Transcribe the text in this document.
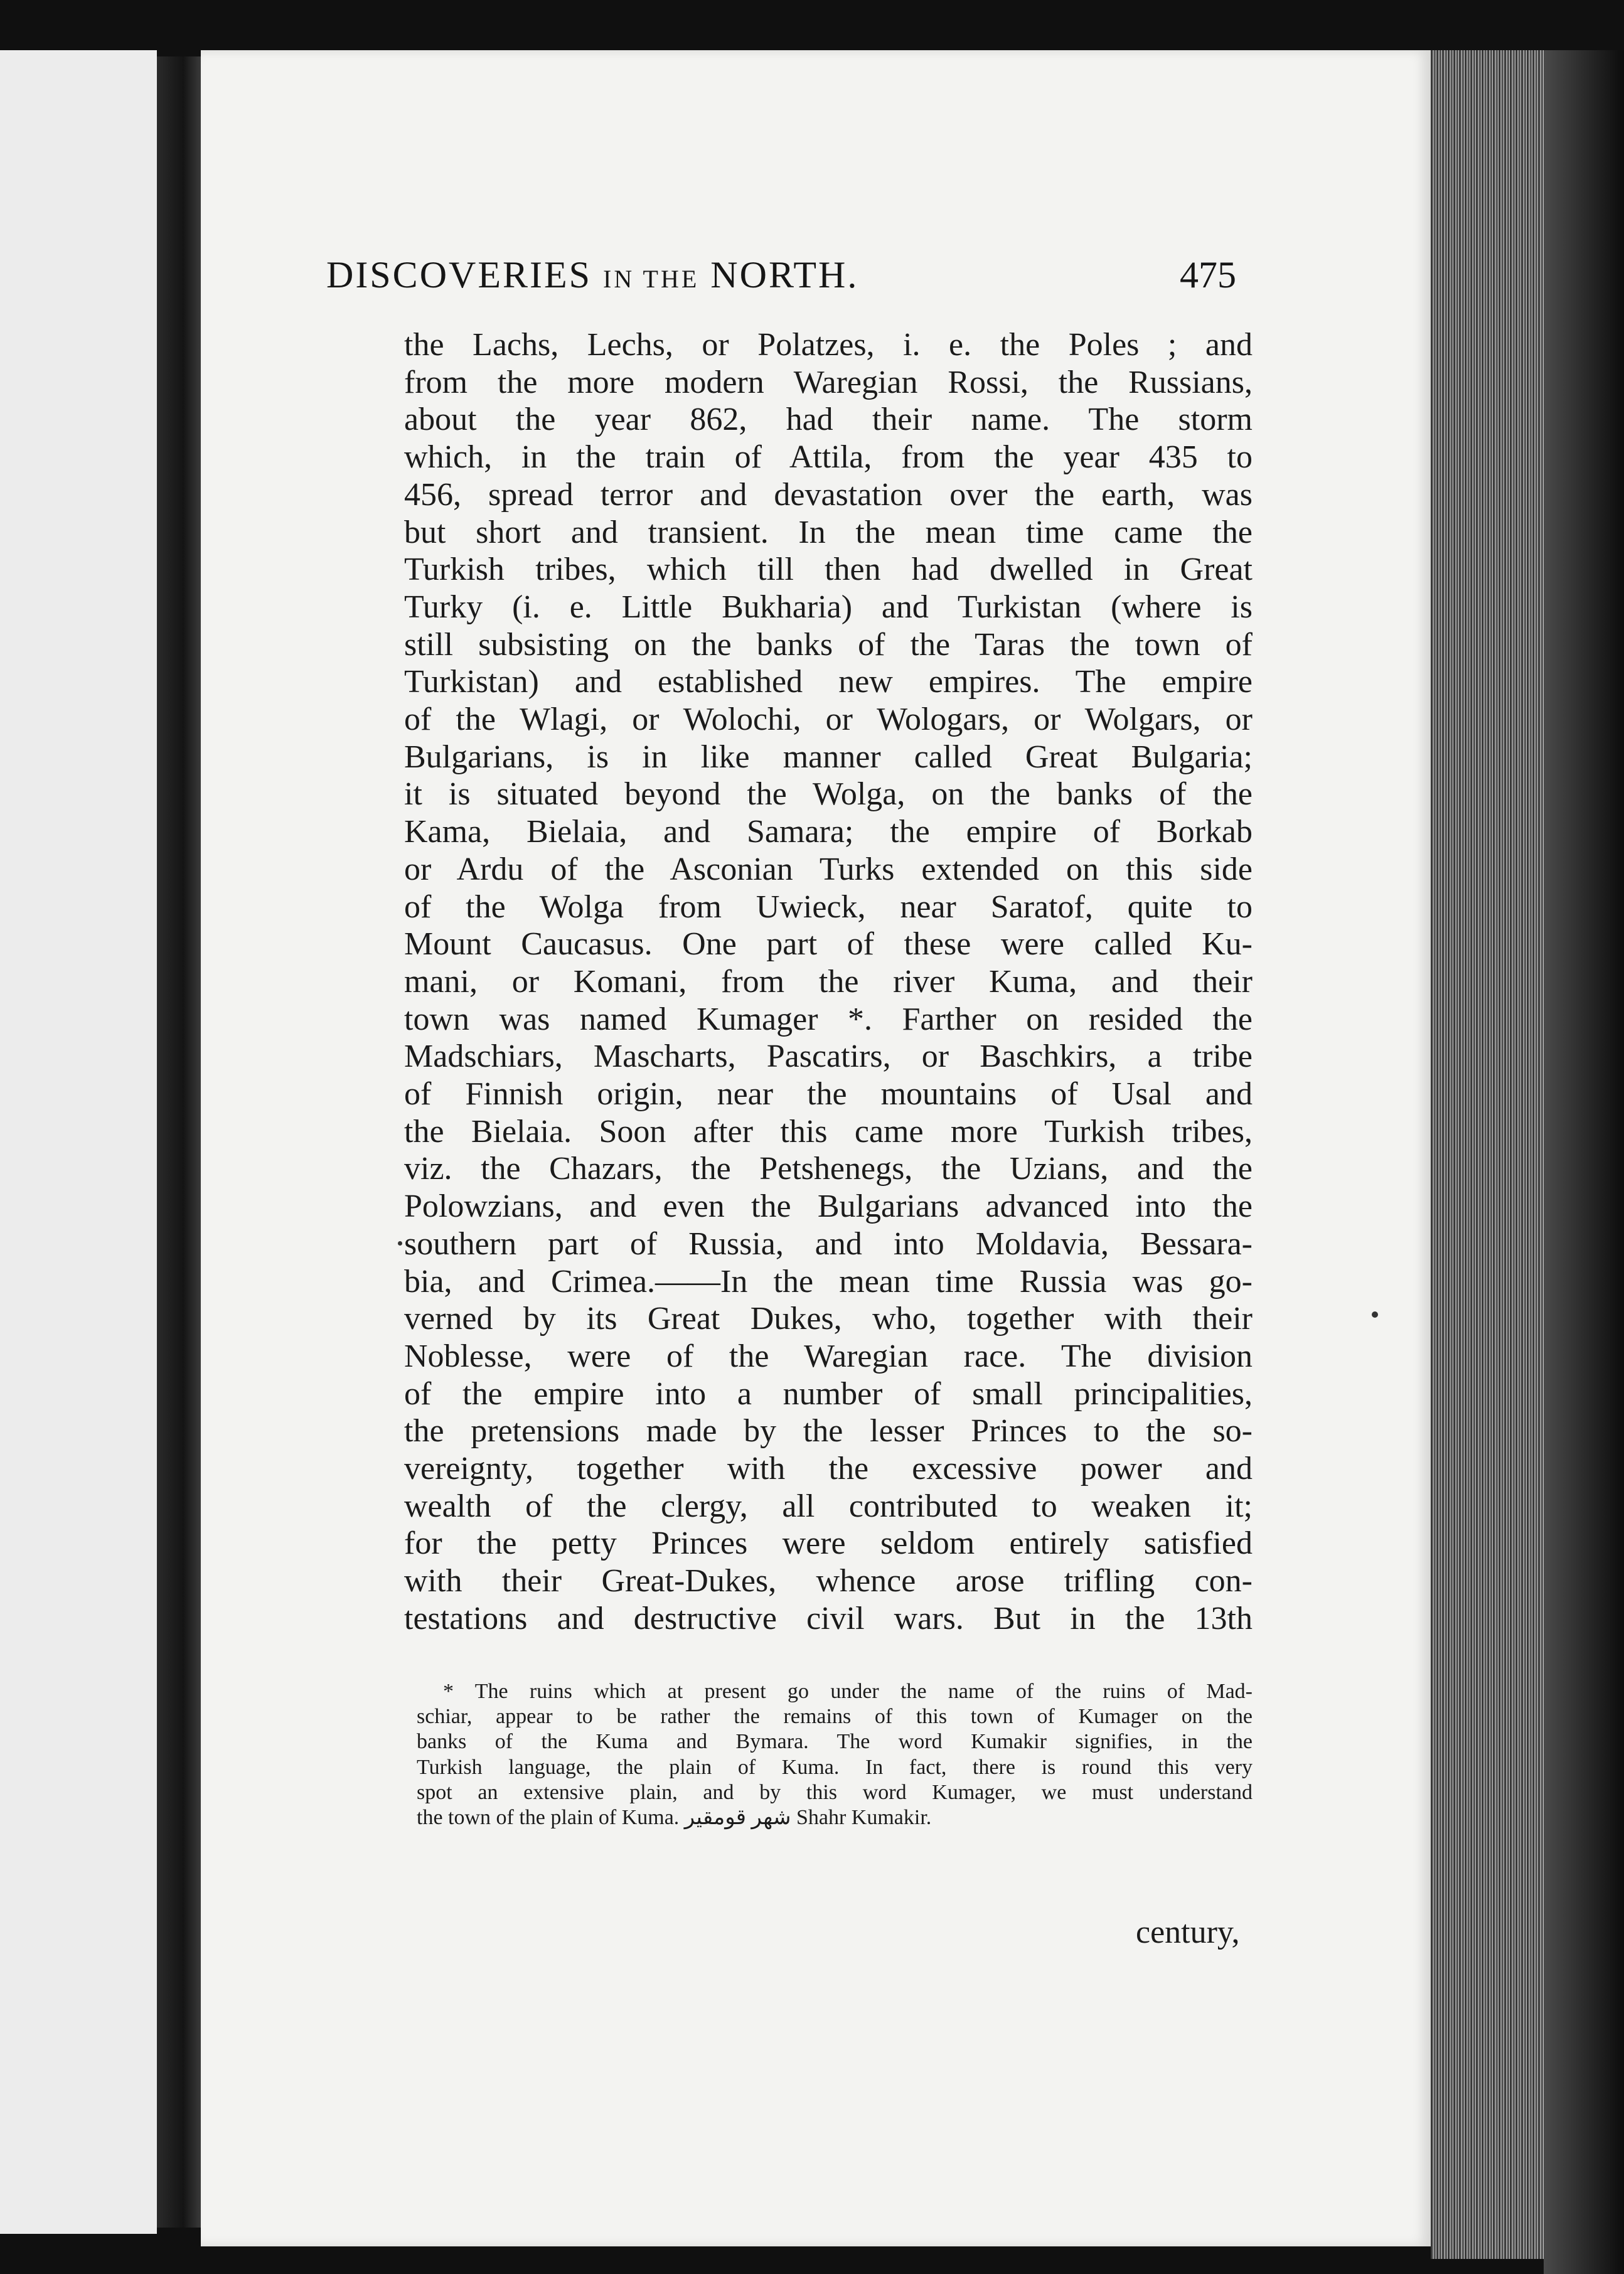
DISCOVERIES IN THE NORTH.	475
the Lachs, Lechs, or Polatzes, i. e. the Poles ; and
from the more modern Waregian Rossi, the Russians,
about the year 862, had their name. The storm
which, in the train of Attila, from the year 435 to
456, spread terror and devastation over the earth, was
but short and transient. In the mean time came the
Turkish tribes, which till then had dwelled in Great
Turky (i. e. Little Bukharia) and Turkistan (where is
still subsisting on the banks of the Taras the town of
Turkistan) and established new empires. The empire
of the Wlagi, or Wolochi, or Wologars, or Wolgars, or
Bulgarians, is in like manner called Great Bulgaria;
it is situated beyond the Wolga, on the banks of the
Kama, Bielaia, and Samara; the empire of Borkab
or Ardu of the Asconian Turks extended on this side
of the Wolga from Uwieck, near Saratof, quite to
Mount Caucasus. One part of these were called Ku-
mani, or Komani, from the river Kuma, and their
town was named Kumager *. Farther on resided the
Madschiars, Mascharts, Pascatirs, or Baschkirs, a tribe
of Finnish origin, near the mountains of Usal and
the Bielaia. Soon after this came more Turkish tribes,
viz. the Chazars, the Petshenegs, the Uzians, and the
Polowzians, and even the Bulgarians advanced into the
southern part of Russia, and into Moldavia, Bessara-
bia, and Crimea.——In the mean time Russia was go-
verned by its Great Dukes, who, together with their
Noblesse, were of the Waregian race. The division
of the empire into a number of small principalities,
the pretensions made by the lesser Princes to the so-
vereignty, together with the excessive power and
wealth of the clergy, all contributed to weaken it;
for the petty Princes were seldom entirely satisfied
with their Great-Dukes, whence arose trifling con-
testations and destructive civil wars. But in the 13th
* The ruins which at present go under the name of the ruins of Mad-
schiar, appear to be rather the remains of this town of Kumager on the
banks of the Kuma and Bymara. The word Kumakir signifies, in the
Turkish language, the plain of Kuma. In fact, there is round this very
spot an extensive plain, and by this word Kumager, we must understand
the town of the plain of Kuma. شهر قومقير Shahr Kumakir.
century,
